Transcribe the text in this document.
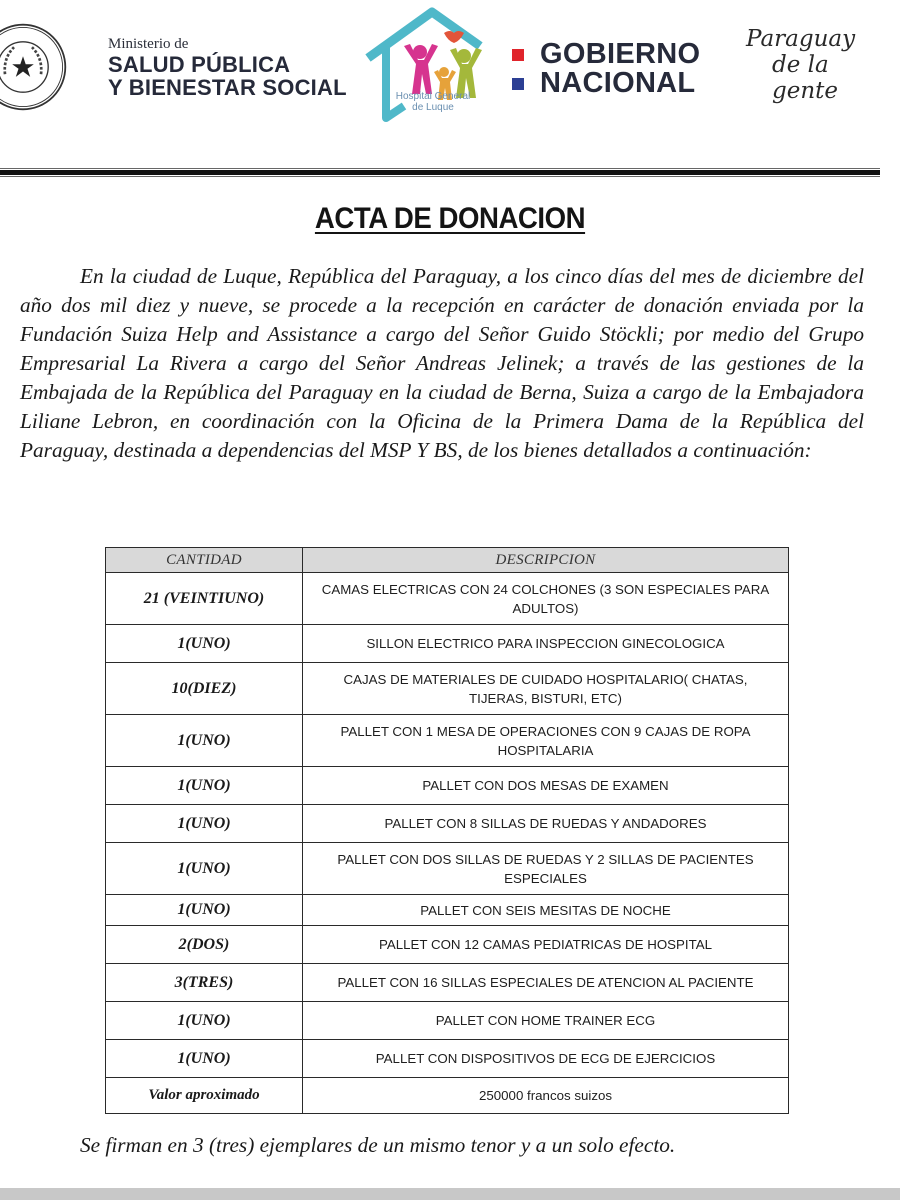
Ministerio de
SALUD PÚBLICA
Y BIENESTAR SOCIAL	Hospital General
de Luque
GOBIERNO
NACIONAL
Paraguay
de la gente
ACTA DE DONACION

En la ciudad de Luque, República del Paraguay, a los cinco días del mes de diciembre del año dos mil diez y nueve, se procede a la recepción en carácter de donación enviada por la Fundación Suiza Help and Assistance a cargo del Señor Guido Stöckli; por medio del Grupo Empresarial La Rivera a cargo del Señor Andreas Jelinek; a través de las gestiones de la Embajada de la República del Paraguay en la ciudad de Berna, Suiza a cargo de la Embajadora Liliane Lebron, en coordinación con la Oficina de la Primera Dama de la República del Paraguay, destinada a dependencias del MSP Y BS, de los bienes detallados a continuación:

CANTIDAD	DESCRIPCION
21 (VEINTIUNO)	CAMAS ELECTRICAS CON 24 COLCHONES (3 SON ESPECIALES PARA ADULTOS)
1(UNO)	SILLON ELECTRICO PARA INSPECCION GINECOLOGICA
10(DIEZ)	CAJAS DE MATERIALES DE CUIDADO HOSPITALARIO( CHATAS, TIJERAS, BISTURI, ETC)
1(UNO)	PALLET CON 1 MESA DE OPERACIONES CON 9 CAJAS DE ROPA HOSPITALARIA
1(UNO)	PALLET CON DOS MESAS DE EXAMEN
1(UNO)	PALLET CON 8 SILLAS DE RUEDAS Y ANDADORES
1(UNO)	PALLET CON DOS SILLAS DE RUEDAS Y 2 SILLAS DE PACIENTES ESPECIALES
1(UNO)	PALLET CON SEIS MESITAS DE NOCHE
2(DOS)	PALLET CON 12 CAMAS PEDIATRICAS DE HOSPITAL
3(TRES)	PALLET CON 16 SILLAS ESPECIALES DE ATENCION AL PACIENTE
1(UNO)	PALLET CON HOME TRAINER ECG
1(UNO)	PALLET CON DISPOSITIVOS DE ECG DE EJERCICIOS
Valor aproximado	250000 francos suizos
Se firman en 3 (tres) ejemplares de un mismo tenor y a un solo efecto.
